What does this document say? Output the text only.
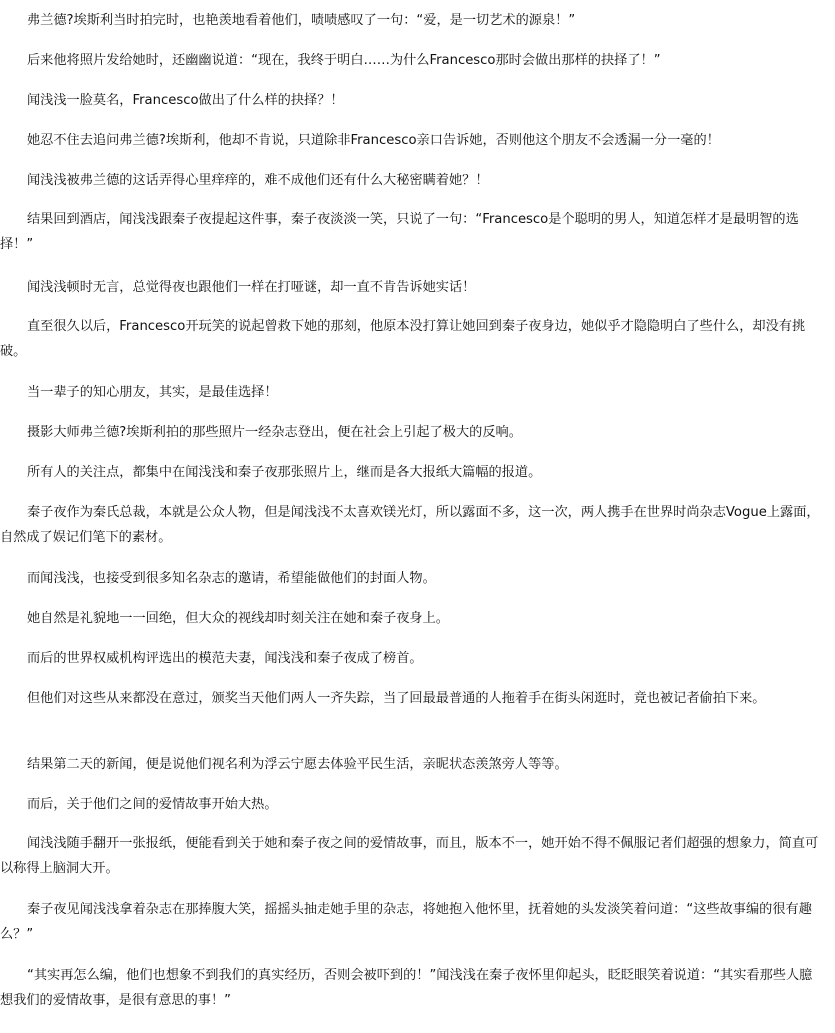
弗兰德?埃斯利当时拍完时，也艳羡地看着他们，啧啧感叹了一句：“爱，是一切艺术的源泉！”

后来他将照片发给她时，还幽幽说道：“现在，我终于明白……为什么Francesco那时会做出那样的抉择了！”

闻浅浅一脸莫名，Francesco做出了什么样的抉择？！

她忍不住去追问弗兰德?埃斯利，他却不肯说，只道除非Francesco亲口告诉她，否则他这个朋友不会透漏一分一毫的！

闻浅浅被弗兰德的这话弄得心里痒痒的，难不成他们还有什么大秘密瞒着她？！

结果回到酒店，闻浅浅跟秦子夜提起这件事，秦子夜淡淡一笑，只说了一句：“Francesco是个聪明的男人，知道怎样才是最明智的选择！”

闻浅浅顿时无言，总觉得夜也跟他们一样在打哑谜，却一直不肯告诉她实话！

直至很久以后，Francesco开玩笑的说起曾救下她的那刻，他原本没打算让她回到秦子夜身边，她似乎才隐隐明白了些什么，却没有挑破。

当一辈子的知心朋友，其实，是最佳选择！

摄影大师弗兰德?埃斯利拍的那些照片一经杂志登出，便在社会上引起了极大的反响。

所有人的关注点，都集中在闻浅浅和秦子夜那张照片上，继而是各大报纸大篇幅的报道。

秦子夜作为秦氏总裁，本就是公众人物，但是闻浅浅不太喜欢镁光灯，所以露面不多，这一次，两人携手在世界时尚杂志Vogue上露面，自然成了娱记们笔下的素材。

而闻浅浅，也接受到很多知名杂志的邀请，希望能做他们的封面人物。

她自然是礼貌地一一回绝，但大众的视线却时刻关注在她和秦子夜身上。

而后的世界权威机构评选出的模范夫妻，闻浅浅和秦子夜成了榜首。

但他们对这些从来都没在意过，颁奖当天他们两人一齐失踪，当了回最最普通的人拖着手在街头闲逛时，竟也被记者偷拍下来。

结果第二天的新闻，便是说他们视名利为浮云宁愿去体验平民生活，亲昵状态羡煞旁人等等。

而后，关于他们之间的爱情故事开始大热。

闻浅浅随手翻开一张报纸，便能看到关于她和秦子夜之间的爱情故事，而且，版本不一，她开始不得不佩服记者们超强的想象力，简直可以称得上脑洞大开。

秦子夜见闻浅浅拿着杂志在那捧腹大笑，摇摇头抽走她手里的杂志，将她抱入他怀里，抚着她的头发淡笑着问道：“这些故事编的很有趣么？”

“其实再怎么编，他们也想象不到我们的真实经历，否则会被吓到的！”闻浅浅在秦子夜怀里仰起头，眨眨眼笑着说道：“其实看那些人臆想我们的爱情故事，是很有意思的事！”
